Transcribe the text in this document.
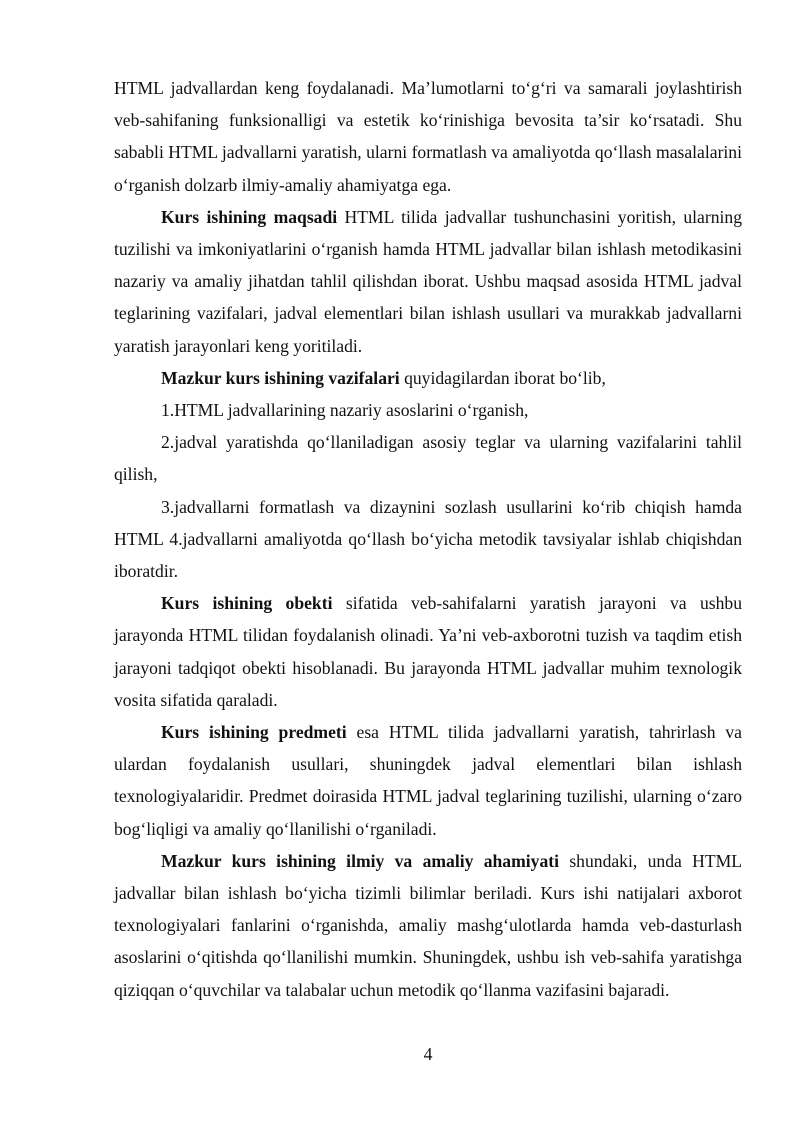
HTML jadvallardan keng foydalanadi. Ma’lumotlarni to‘g‘ri va samarali joylashtirish veb-sahifaning funksionalligi va estetik ko‘rinishiga bevosita ta’sir ko‘rsatadi. Shu sababli HTML jadvallarni yaratish, ularni formatlash va amaliyotda qo‘llash masalalarini o‘rganish dolzarb ilmiy-amaliy ahamiyatga ega.

Kurs ishining maqsadi HTML tilida jadvallar tushunchasini yoritish, ularning tuzilishi va imkoniyatlarini o‘rganish hamda HTML jadvallar bilan ishlash metodikasini nazariy va amaliy jihatdan tahlil qilishdan iborat. Ushbu maqsad asosida HTML jadval teglarining vazifalari, jadval elementlari bilan ishlash usullari va murakkab jadvallarni yaratish jarayonlari keng yoritiladi.

Mazkur kurs ishining vazifalari quyidagilardan iborat bo‘lib,

1.HTML jadvallarining nazariy asoslarini o‘rganish,

2.jadval yaratishda qo‘llaniladigan asosiy teglar va ularning vazifalarini tahlil qilish,

3.jadvallarni formatlash va dizaynini sozlash usullarini ko‘rib chiqish hamda HTML 4.jadvallarni amaliyotda qo‘llash bo‘yicha metodik tavsiyalar ishlab chiqishdan iboratdir.

Kurs ishining obekti sifatida veb-sahifalarni yaratish jarayoni va ushbu jarayonda HTML tilidan foydalanish olinadi. Ya’ni veb-axborotni tuzish va taqdim etish jarayoni tadqiqot obekti hisoblanadi. Bu jarayonda HTML jadvallar muhim texnologik vosita sifatida qaraladi.

Kurs ishining predmeti esa HTML tilida jadvallarni yaratish, tahrirlash va ulardan foydalanish usullari, shuningdek jadval elementlari bilan ishlash texnologiyalaridir. Predmet doirasida HTML jadval teglarining tuzilishi, ularning o‘zaro bog‘liqligi va amaliy qo‘llanilishi o‘rganiladi.

Mazkur kurs ishining ilmiy va amaliy ahamiyati shundaki, unda HTML jadvallar bilan ishlash bo‘yicha tizimli bilimlar beriladi. Kurs ishi natijalari axborot texnologiyalari fanlarini o‘rganishda, amaliy mashg‘ulotlarda hamda veb-dasturlash asoslarini o‘qitishda qo‘llanilishi mumkin. Shuningdek, ushbu ish veb-sahifa yaratishga qiziqqan o‘quvchilar va talabalar uchun metodik qo‘llanma vazifasini bajaradi.

4
